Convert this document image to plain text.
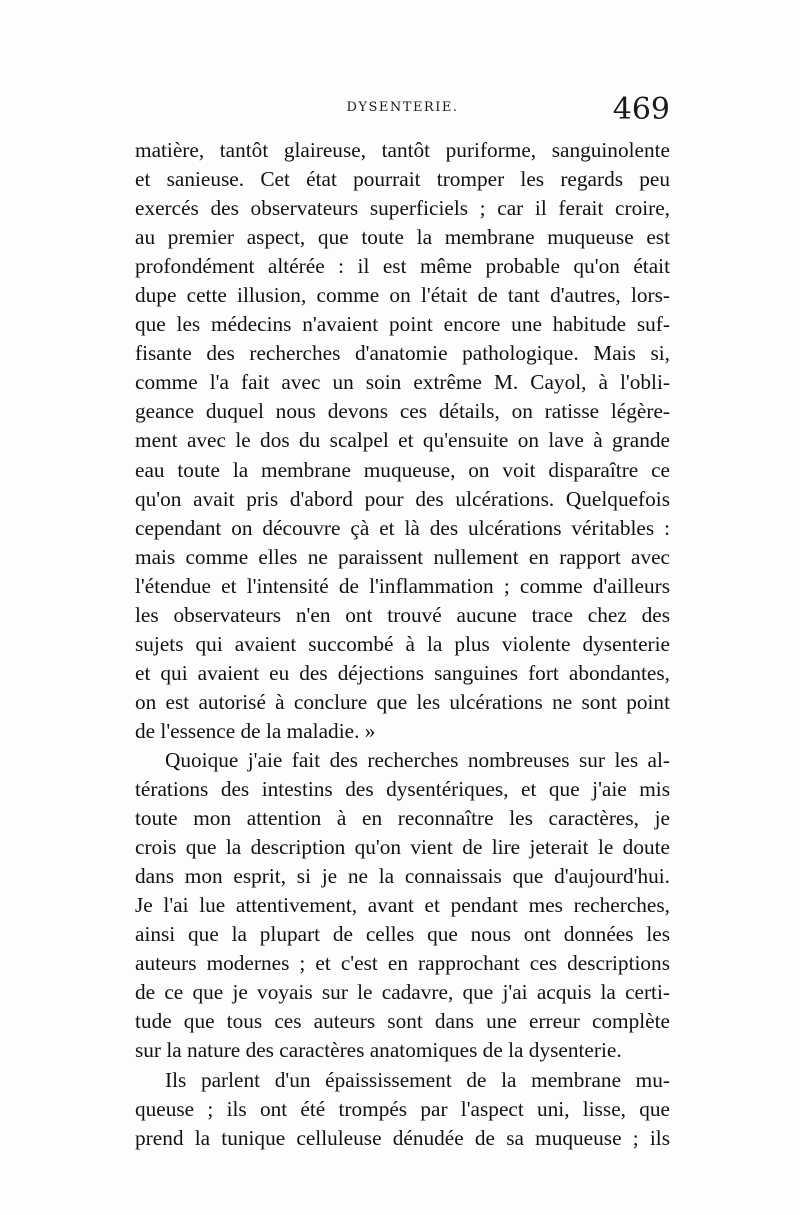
DYSENTERIE.	469
matière, tantôt glaireuse, tantôt puriforme, sanguinolente
et sanieuse. Cet état pourrait tromper les regards peu
exercés des observateurs superficiels ; car il ferait croire,
au premier aspect, que toute la membrane muqueuse est
profondément altérée : il est même probable qu'on était
dupe cette illusion, comme on l'était de tant d'autres, lors-
que les médecins n'avaient point encore une habitude suf-
fisante des recherches d'anatomie pathologique. Mais si,
comme l'a fait avec un soin extrême M. Cayol, à l'obli-
geance duquel nous devons ces détails, on ratisse légère-
ment avec le dos du scalpel et qu'ensuite on lave à grande
eau toute la membrane muqueuse, on voit disparaître ce
qu'on avait pris d'abord pour des ulcérations. Quelquefois
cependant on découvre çà et là des ulcérations véritables :
mais comme elles ne paraissent nullement en rapport avec
l'étendue et l'intensité de l'inflammation ; comme d'ailleurs
les observateurs n'en ont trouvé aucune trace chez des
sujets qui avaient succombé à la plus violente dysenterie
et qui avaient eu des déjections sanguines fort abondantes,
on est autorisé à conclure que les ulcérations ne sont point
de l'essence de la maladie. »
Quoique j'aie fait des recherches nombreuses sur les al-
térations des intestins des dysentériques, et que j'aie mis
toute mon attention à en reconnaître les caractères, je
crois que la description qu'on vient de lire jeterait le doute
dans mon esprit, si je ne la connaissais que d'aujourd'hui.
Je l'ai lue attentivement, avant et pendant mes recherches,
ainsi que la plupart de celles que nous ont données les
auteurs modernes ; et c'est en rapprochant ces descriptions
de ce que je voyais sur le cadavre, que j'ai acquis la certi-
tude que tous ces auteurs sont dans une erreur complète
sur la nature des caractères anatomiques de la dysenterie.
Ils parlent d'un épaississement de la membrane mu-
queuse ; ils ont été trompés par l'aspect uni, lisse, que
prend la tunique celluleuse dénudée de sa muqueuse ; ils
